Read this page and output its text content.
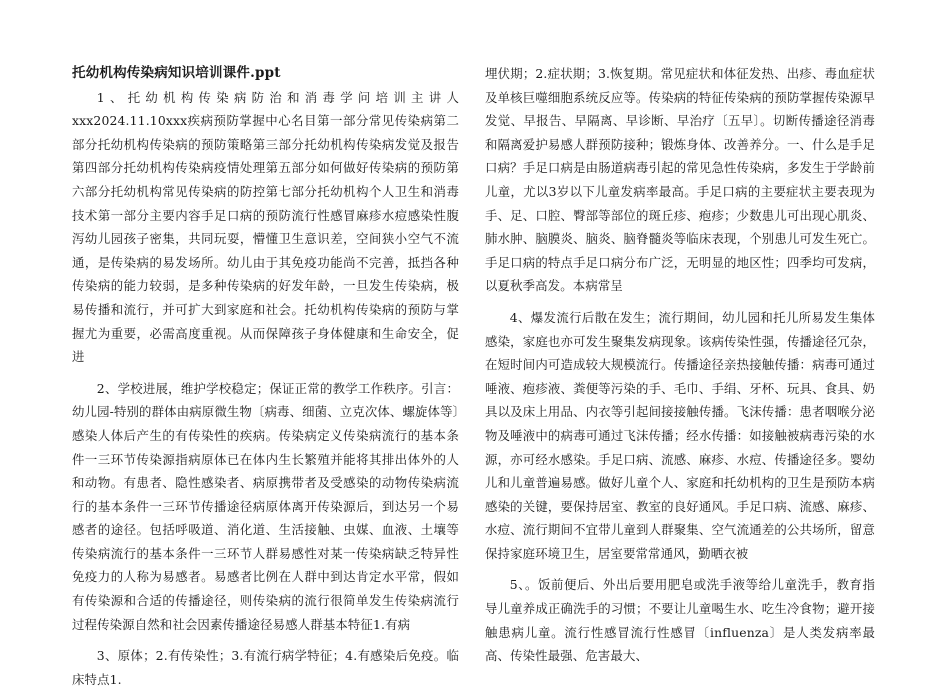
托幼机构传染病知识培训课件.ppt

1、托幼机构传染病防治和消毒学问培训主讲人xxx2024.11.10xxx疾病预防掌握中心名目第一部分常见传染病第二部分托幼机构传染病的预防策略第三部分托幼机构传染病发觉及报告第四部分托幼机构传染病疫情处理第五部分如何做好传染病的预防第六部分托幼机构常见传染病的防控第七部分托幼机构个人卫生和消毒技术第一部分主要内容手足口病的预防流行性感冒麻疹水痘感染性腹泻幼儿园孩子密集，共同玩耍，懵懂卫生意识差，空间狭小空气不流通，是传染病的易发场所。幼儿由于其免疫功能尚不完善，抵挡各种传染病的能力较弱，是多种传染病的好发年龄，一旦发生传染病，极易传播和流行，并可扩大到家庭和社会。托幼机构传染病的预防与掌握尤为重要，必需高度重视。从而保障孩子身体健康和生命安全，促进

2、学校进展，维护学校稳定；保证正常的教学工作秩序。引言：幼儿园-特别的群体由病原微生物〔病毒、细菌、立克次体、螺旋体等〕感染人体后产生的有传染性的疾病。传染病定义传染病流行的基本条件一三环节传染源指病原体已在体内生长繁殖并能将其排出体外的人和动物。有患者、隐性感染者、病原携带者及受感染的动物传染病流行的基本条件一三环节传播途径病原体离开传染源后，到达另一个易感者的途径。包括呼吸道、消化道、生活接触、虫媒、血液、土壤等传染病流行的基本条件一三环节人群易感性对某一传染病缺乏特异性免疫力的人称为易感者。易感者比例在人群中到达肯定水平常，假如有传染源和合适的传播途径，则传染病的流行很简单发生传染病流行过程传染源自然和社会因素传播途径易感人群基本特征1.有病

3、原体；2.有传染性；3.有流行病学特征；4.有感染后免疫。临床特点1.

埋伏期；2.症状期；3.恢复期。常见症状和体征发热、出疹、毒血症状及单核巨噬细胞系统反应等。传染病的特征传染病的预防掌握传染源早发觉、早报告、早隔离、早诊断、早治疗〔五早〕。切断传播途径消毒和隔离爱护易感人群预防接种；锻炼身体、改善养分。一、什么是手足口病？手足口病是由肠道病毒引起的常见急性传染病，多发生于学龄前儿童，尤以3岁以下儿童发病率最高。手足口病的主要症状主要表现为手、足、口腔、臀部等部位的斑丘疹、疱疹；少数患儿可出现心肌炎、肺水肿、脑膜炎、脑炎、脑脊髓炎等临床表现，个别患儿可发生死亡。手足口病的特点手足口病分布广泛，无明显的地区性；四季均可发病，以夏秋季高发。本病常呈

4、爆发流行后散在发生；流行期间，幼儿园和托儿所易发生集体感染，家庭也亦可发生聚集发病现象。该病传染性强，传播途径冗杂，在短时间内可造成较大规模流行。传播途径亲热接触传播：病毒可通过唾液、疱疹液、粪便等污染的手、毛巾、手绢、牙杯、玩具、食具、奶具以及床上用品、内衣等引起间接接触传播。飞沫传播：患者咽喉分泌物及唾液中的病毒可通过飞沫传播；经水传播：如接触被病毒污染的水源，亦可经水感染。手足口病、流感、麻疹、水痘、传播途径多。婴幼儿和儿童普遍易感。做好儿童个人、家庭和托幼机构的卫生是预防本病感染的关键，要保持居室、教室的良好通风。手足口病、流感、麻疹、水痘、流行期间不宜带儿童到人群聚集、空气流通差的公共场所，留意保持家庭环境卫生，居室要常常通风，勤晒衣被

5、。饭前便后、外出后要用肥皂或洗手液等给儿童洗手，教育指导儿童养成正确洗手的习惯；不要让儿童喝生水、吃生冷食物；避开接触患病儿童。流行性感冒流行性感冒〔influenza〕是人类发病率最高、传染性最强、危害最大、
